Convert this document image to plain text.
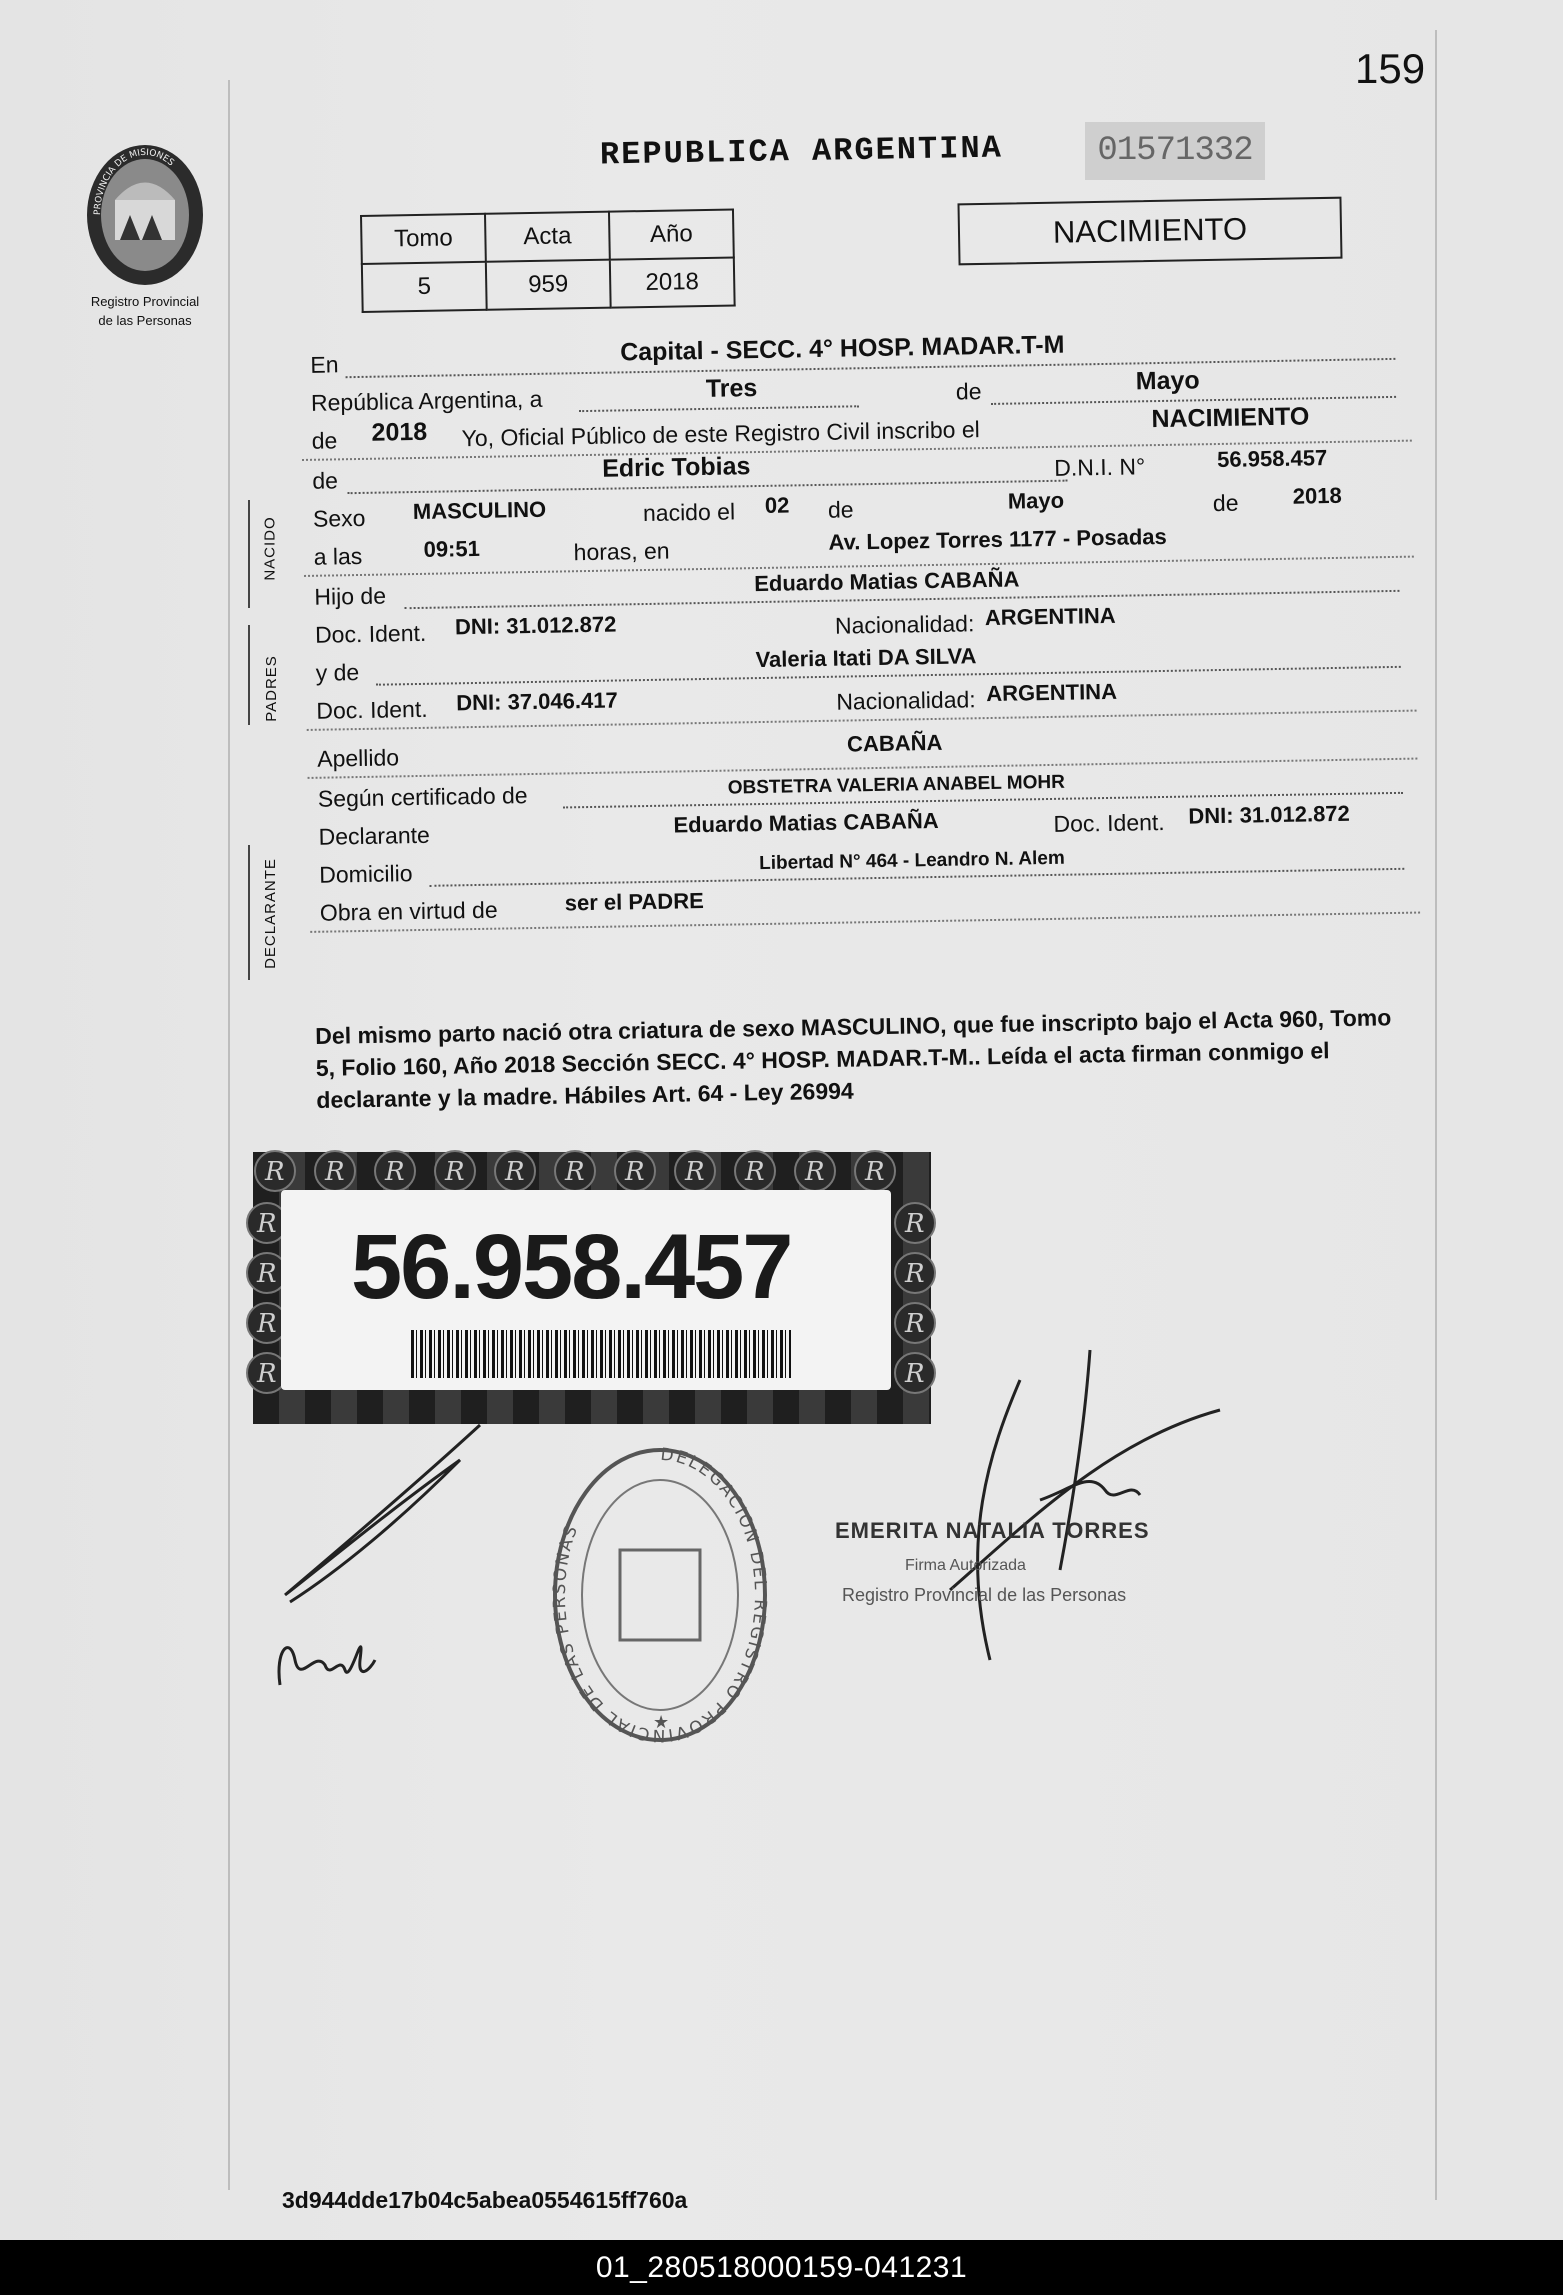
159
PROVINCIA DE MISIONES
Registro Provincial
de las Personas
REPUBLICA ARGENTINA	01571332
Tomo	Acta	Año
5	959	2018
NACIMIENTO
NACIDO
PADRES
DECLARANTE
En	Capital - SECC. 4° HOSP. MADAR.T-M
República Argentina, a	Tres	de	Mayo
de 2018 Yo, Oficial Público de este Registro Civil inscribo el	NACIMIENTO
de	Edric Tobias	D.N.I. N°	56.958.457
Sexo MASCULINO	nacido el 02 de	Mayo	de 2018
a las	09:51	horas, en	Av. Lopez Torres 1177 - Posadas
Hijo de
Eduardo Matias CABAÑA
Doc. Ident. DNI: 31.012.872	Nacionalidad: ARGENTINA
y de
Valeria Itati DA SILVA
Doc. Ident. DNI: 37.046.417	Nacionalidad: ARGENTINA
Apellido
CABAÑA
Según certificado de	OBSTETRA VALERIA ANABEL MOHR
Declarante	Eduardo Matias CABAÑA	Doc. Ident. DNI: 31.012.872
Domicilio	Libertad N° 464 - Leandro N. Alem
Obra en virtud de	ser el PADRE
Del mismo parto nació otra criatura de sexo MASCULINO, que fue inscripto bajo el Acta 960, Tomo 5, Folio 160, Año 2018 Sección SECC. 4° HOSP. MADAR.T-M.. Leída el acta firman conmigo el declarante y la madre. Hábiles Art. 64 - Ley 26994
R R R R R R R R R R R
R	R
R	R
R	R
R	R
56.958.457
DELEGACION DEL REGISTRO PROVINCIAL DE LAS PERSONAS
★
EMERITA NATALIA TORRES
Firma Autorizada
Registro Provincial de las Personas
3d944dde17b04c5abea0554615ff760a
01_280518000159-041231
